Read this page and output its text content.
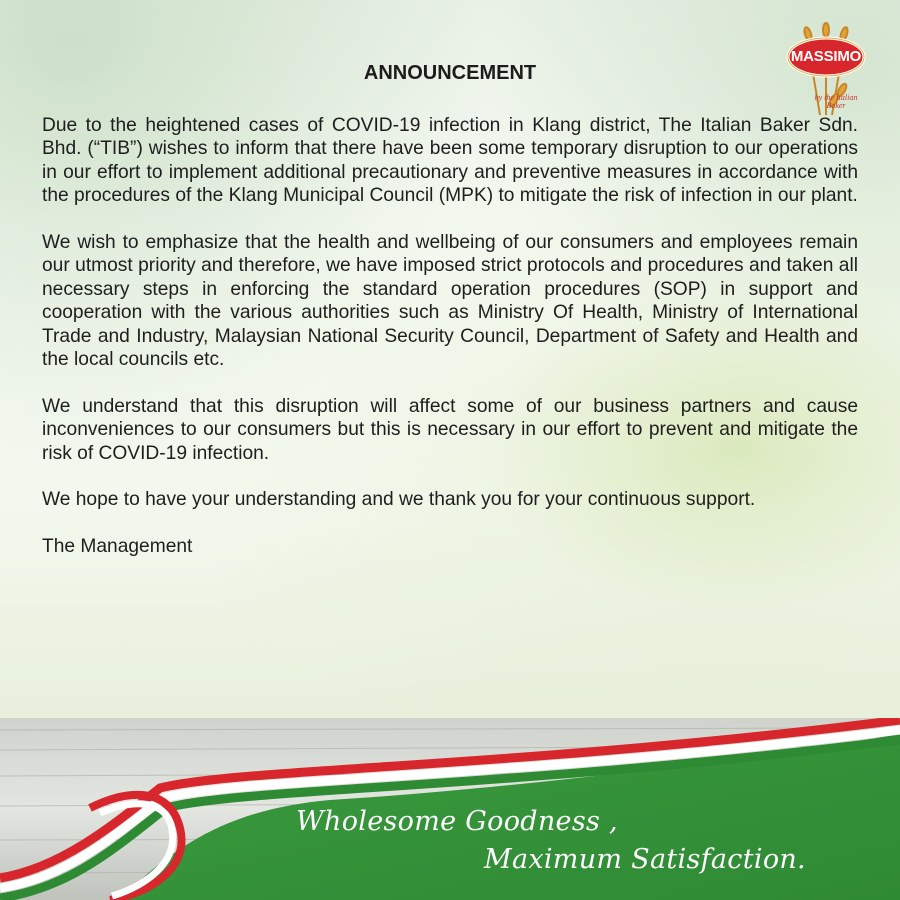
MASSIMO
by the Italian Baker
ANNOUNCEMENT

Due to the heightened cases of COVID-19 infection in Klang district, The Italian Baker Sdn. Bhd. (“TIB”) wishes to inform that there have been some temporary disruption to our operations in our effort to implement additional precautionary and preventive measures in accordance with the procedures of the Klang Municipal Council (MPK) to mitigate the risk of infection in our plant.

We wish to emphasize that the health and wellbeing of our consumers and employees remain our utmost priority and therefore, we have imposed strict protocols and procedures and taken all necessary steps in enforcing the standard operation procedures (SOP) in support and cooperation with the various authorities such as Ministry Of Health, Ministry of International Trade and Industry, Malaysian National Security Council, Department of Safety and Health and the local councils etc.

We understand that this disruption will affect some of our business partners and cause inconveniences to our consumers but this is necessary in our effort to prevent and mitigate the risk of COVID-19 infection.

We hope to have your understanding and we thank you for your continuous support.

The Management

Wholesome Goodness ,
Maximum Satisfaction.
